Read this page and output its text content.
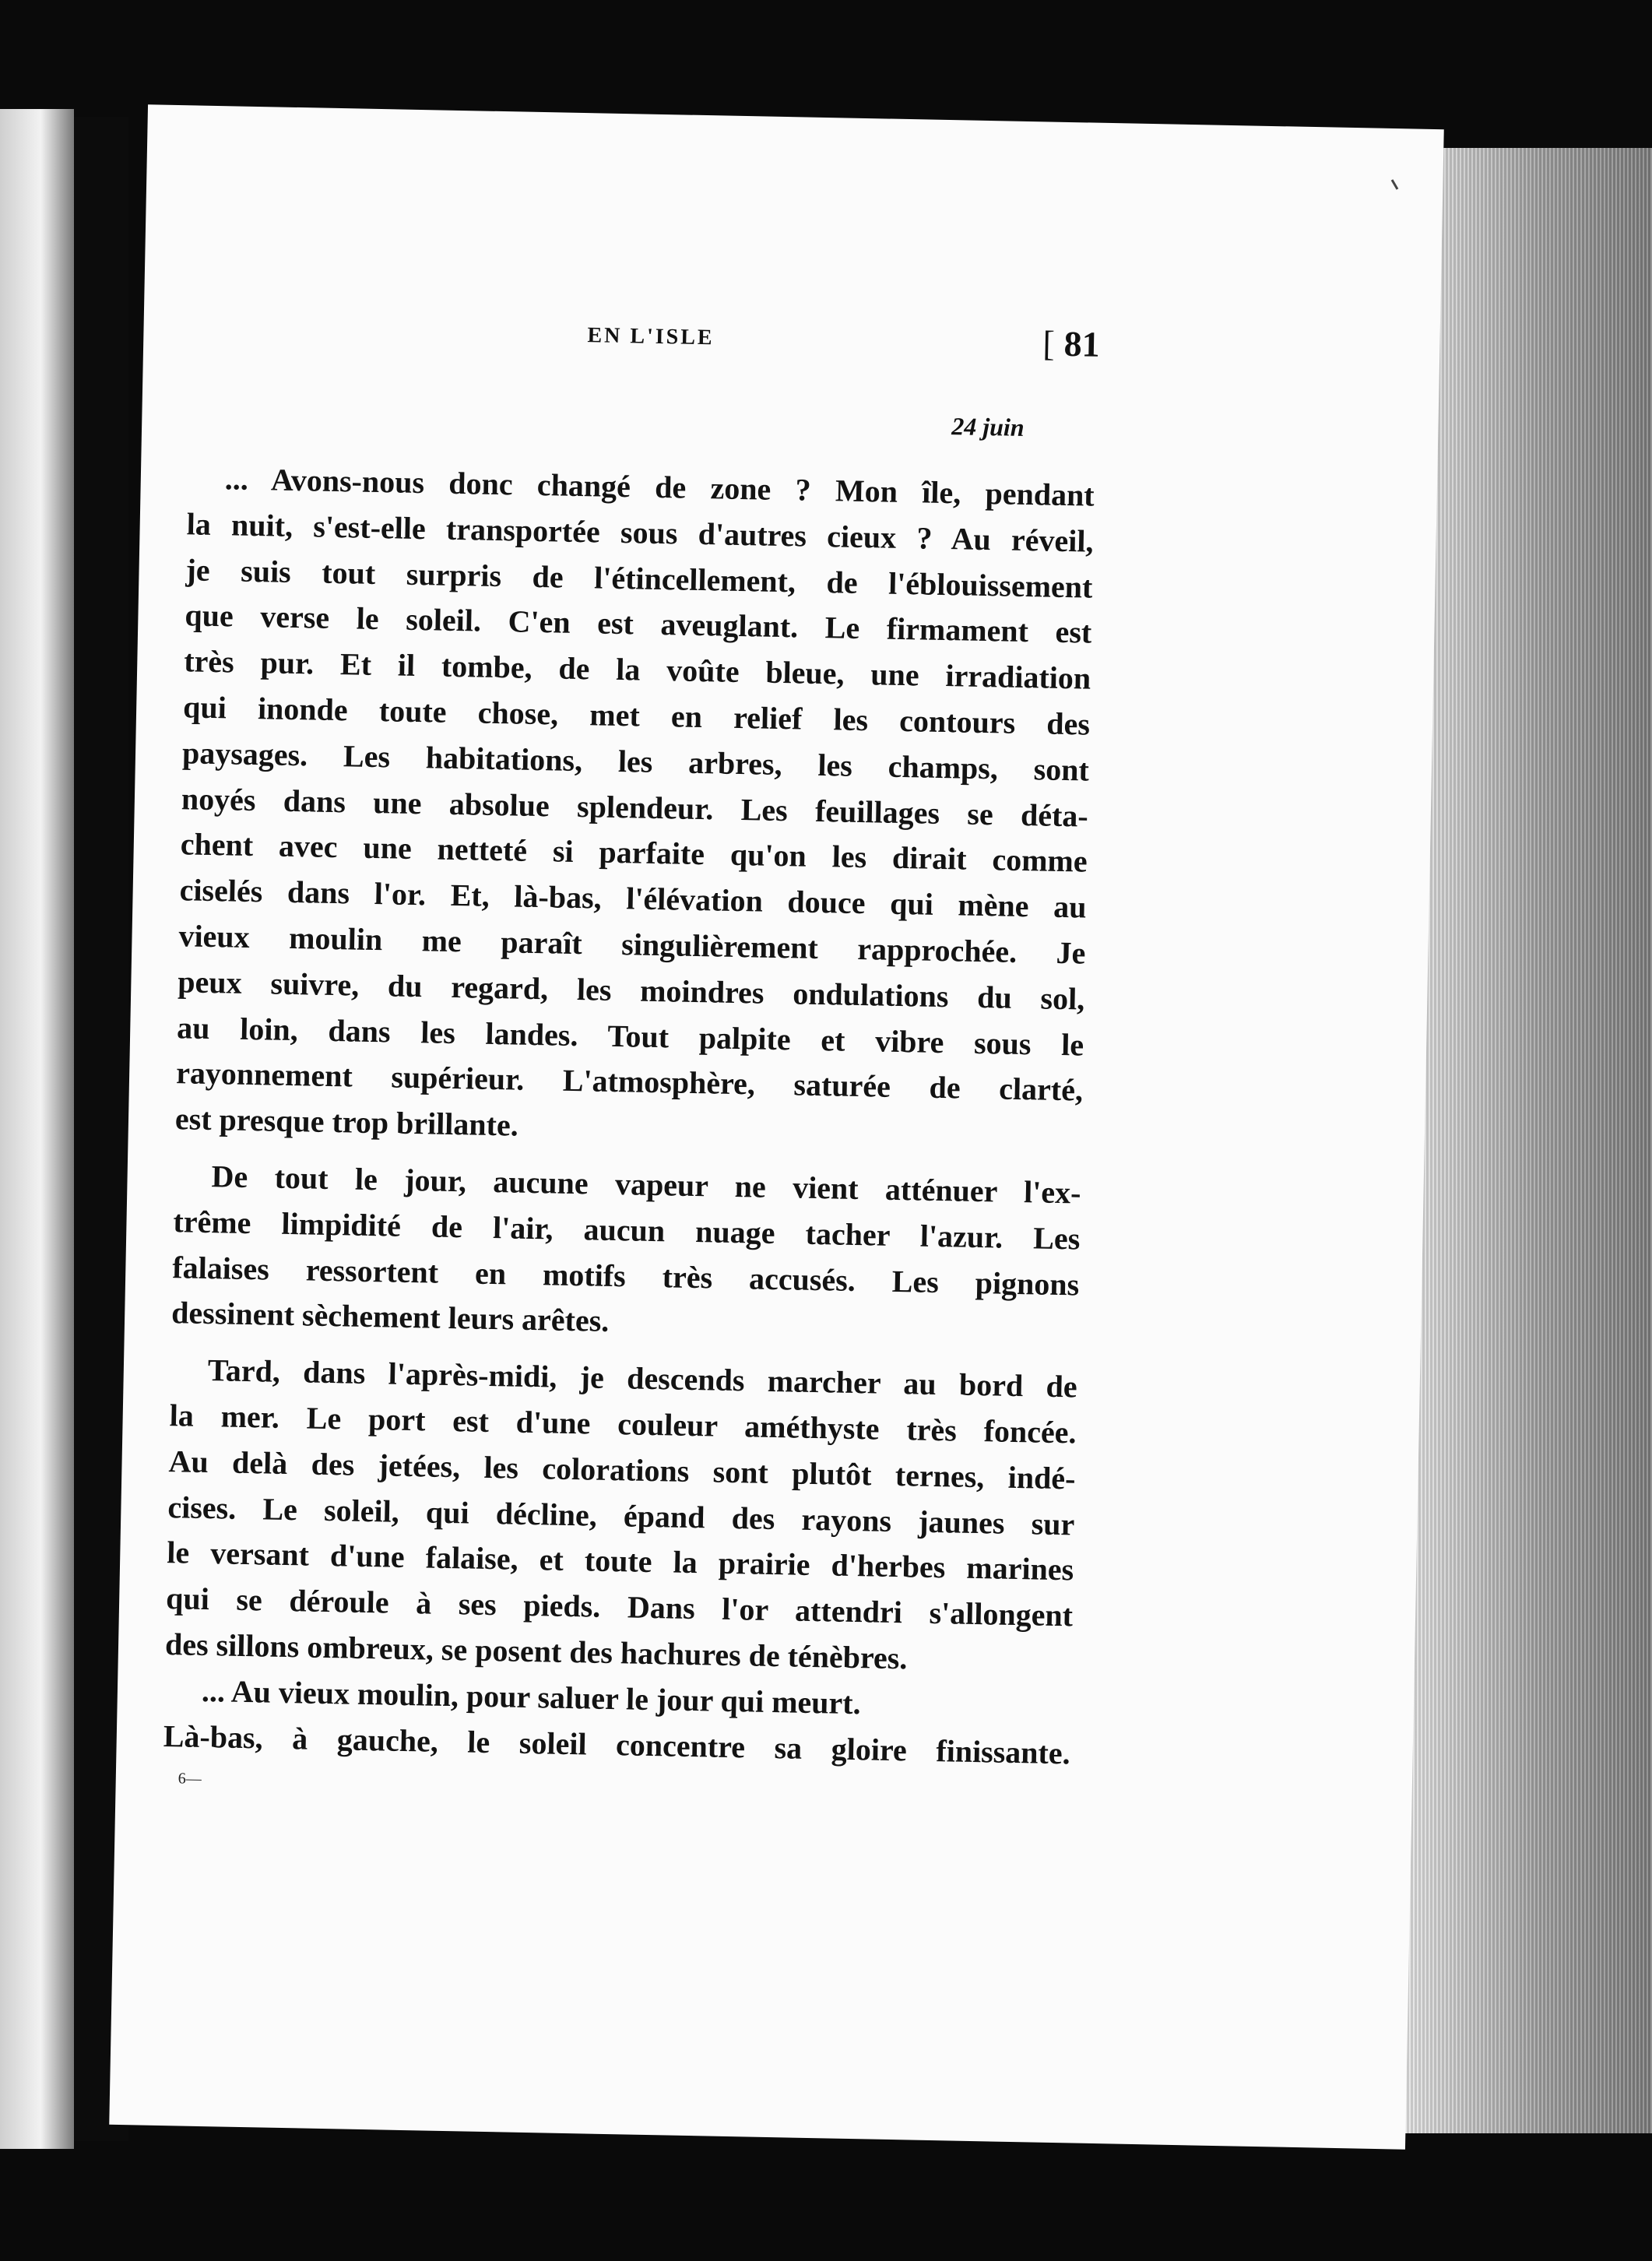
EN L'ISLE	[ 81
24 juin
... Avons-nous donc changé de zone ? Mon île, pendant
la nuit, s'est-elle transportée sous d'autres cieux ? Au réveil,
je suis tout surpris de l'étincellement, de l'éblouissement
que verse le soleil. C'en est aveuglant. Le firmament est
très pur. Et il tombe, de la voûte bleue, une irradiation
qui inonde toute chose, met en relief les contours des
paysages. Les habitations, les arbres, les champs, sont
noyés dans une absolue splendeur. Les feuillages se déta-
chent avec une netteté si parfaite qu'on les dirait comme
ciselés dans l'or. Et, là-bas, l'élévation douce qui mène au
vieux moulin me paraît singulièrement rapprochée. Je
peux suivre, du regard, les moindres ondulations du sol,
au loin, dans les landes. Tout palpite et vibre sous le
rayonnement supérieur. L'atmosphère, saturée de clarté,
est presque trop brillante.
De tout le jour, aucune vapeur ne vient atténuer l'ex-
trême limpidité de l'air, aucun nuage tacher l'azur. Les
falaises ressortent en motifs très accusés. Les pignons
dessinent sèchement leurs arêtes.
Tard, dans l'après-midi, je descends marcher au bord de
la mer. Le port est d'une couleur améthyste très foncée.
Au delà des jetées, les colorations sont plutôt ternes, indé-
cises. Le soleil, qui décline, épand des rayons jaunes sur
le versant d'une falaise, et toute la prairie d'herbes marines
qui se déroule à ses pieds. Dans l'or attendri s'allongent
des sillons ombreux, se posent des hachures de ténèbres.
... Au vieux moulin, pour saluer le jour qui meurt.
Là-bas, à gauche, le soleil concentre sa gloire finissante.
6—
